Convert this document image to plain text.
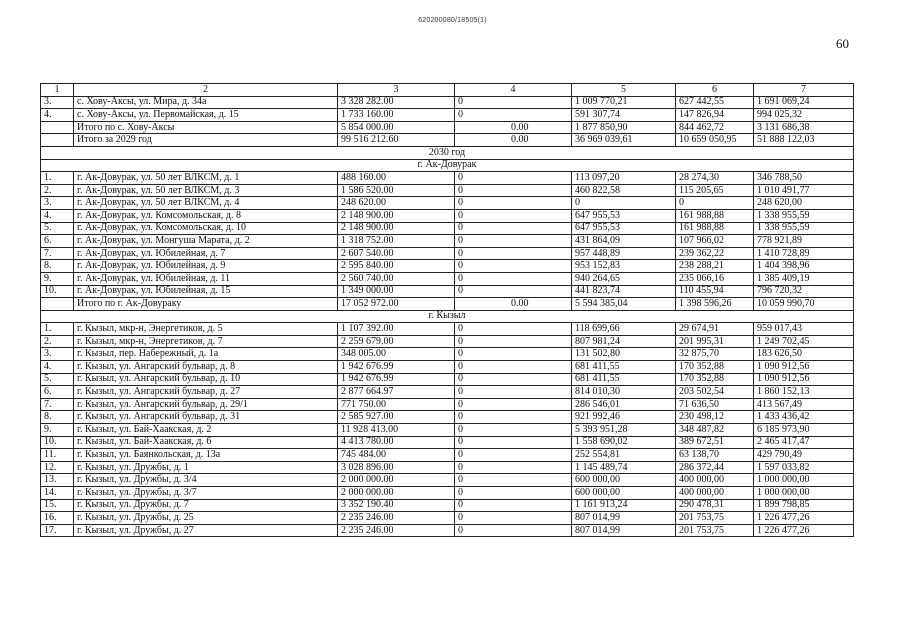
620200080/18505(1)
60
1	2	3	4	5	6	7
3.	с. Хову-Аксы, ул. Мира, д. 34а	3 328 282.00	0	1 009 770,21	627 442,55	1 691 069,24
4.	с. Хову-Аксы, ул. Первомайская, д. 15	1 733 160.00	0	591 307,74	147 826,94	994 025,32
	Итого по с. Хову-Аксы	5 854 000.00	0.00	1 877 850,90	844 462,72	3 131 686,38
	Итого за 2029 год	99 516 212.60	0.00	36 969 039,61	10 659 050,95	51 888 122,03
2030 год						
г. Ак-Довурак						
1.	г. Ак-Довурак, ул. 50 лет ВЛКСМ, д. 1	488 160.00	0	113 097,20	28 274,30	346 788,50
2.	г. Ак-Довурак, ул. 50 лет ВЛКСМ, д. 3	1 586 520.00	0	460 822,58	115 205,65	1 010 491,77
3.	г. Ак-Довурак, ул. 50 лет ВЛКСМ, д. 4	248 620.00	0	0	0	248 620,00
4.	г. Ак-Довурак, ул. Комсомольская, д. 8	2 148 900.00	0	647 955,53	161 988,88	1 338 955,59
5.	г. Ак-Довурак, ул. Комсомольская, д. 10	2 148 900.00	0	647 955,53	161 988,88	1 338 955,59
6.	г. Ак-Довурак, ул. Монгуша Марата, д. 2	1 318 752.00	0	431 864,09	107 966,02	778 921,89
7.	г. Ак-Довурак, ул. Юбилейная, д. 7	2 607 540.00	0	957 448,89	239 362,22	1 410 728,89
8.	г. Ак-Довурак, ул. Юбилейная, д. 9	2 595 840.00	0	953 152,83	238 288,21	1 404 398,96
9.	г. Ак-Довурак, ул. Юбилейная, д. 11	2 560 740.00	0	940 264,65	235 066,16	1 385 409,19
10.	г. Ак-Довурак, ул. Юбилейная, д. 15	1 349 000.00	0	441 823,74	110 455,94	796 720,32
	Итого по г. Ак-Довураку	17 052 972.00	0.00	5 594 385,04	1 398 596,26	10 059 990,70
г. Кызыл						
1.	г. Кызыл, мкр-н, Энергетиков, д. 5	1 107 392.00	0	118 699,66	29 674,91	959 017,43
2.	г. Кызыл, мкр-н, Энергетиков, д. 7	2 259 679.00	0	807 981,24	201 995,31	1 249 702,45
3.	г. Кызыл, пер. Набережный, д. 1а	348 005.00	0	131 502,80	32 875,70	183 626,50
4.	г. Кызыл, ул. Ангарский бульвар, д. 8	1 942 676.99	0	681 411,55	170 352,88	1 090 912,56
5.	г. Кызыл, ул. Ангарский бульвар, д. 10	1 942 676.99	0	681 411,55	170 352,88	1 090 912,56
6.	г. Кызыл, ул. Ангарский бульвар, д. 27	2 877 664.97	0	814 010,30	203 502,54	1 860 152,13
7.	г. Кызыл, ул. Ангарский бульвар, д. 29/1	771 750.00	0	286 546,01	71 636,50	413 567,49
8.	г. Кызыл, ул. Ангарский бульвар, д. 31	2 585 927.00	0	921 992,46	230 498,12	1 433 436,42
9.	г. Кызыл, ул. Бай-Хаакская, д. 2	11 928 413.00	0	5 393 951,28	348 487,82	6 185 973,90
10.	г. Кызыл, ул. Бай-Хаакская, д. 6	4 413 780.00	0	1 558 690,02	389 672,51	2 465 417,47
11.	г. Кызыл, ул. Баянкольская, д. 13а	745 484.00	0	252 554,81	63 138,70	429 790,49
12.	г. Кызыл, ул. Дружбы, д. 1	3 028 896.00	0	1 145 489,74	286 372,44	1 597 033,82
13.	г. Кызыл, ул. Дружбы, д. 3/4	2 000 000.00	0	600 000,00	400 000,00	1 000 000,00
14.	г. Кызыл, ул. Дружбы, д. 3/7	2 000 000.00	0	600 000,00	400 000,00	1 000 000,00
15.	г. Кызыл, ул. Дружбы, д. 7	3 352 190.40	0	1 161 913,24	290 478,31	1 899 798,85
16.	г. Кызыл, ул. Дружбы, д. 25	2 235 246.00	0	807 014,99	201 753,75	1 226 477,26
17.	г. Кызыл, ул. Дружбы, д. 27	2 235 246.00	0	807 014,99	201 753,75	1 226 477,26
